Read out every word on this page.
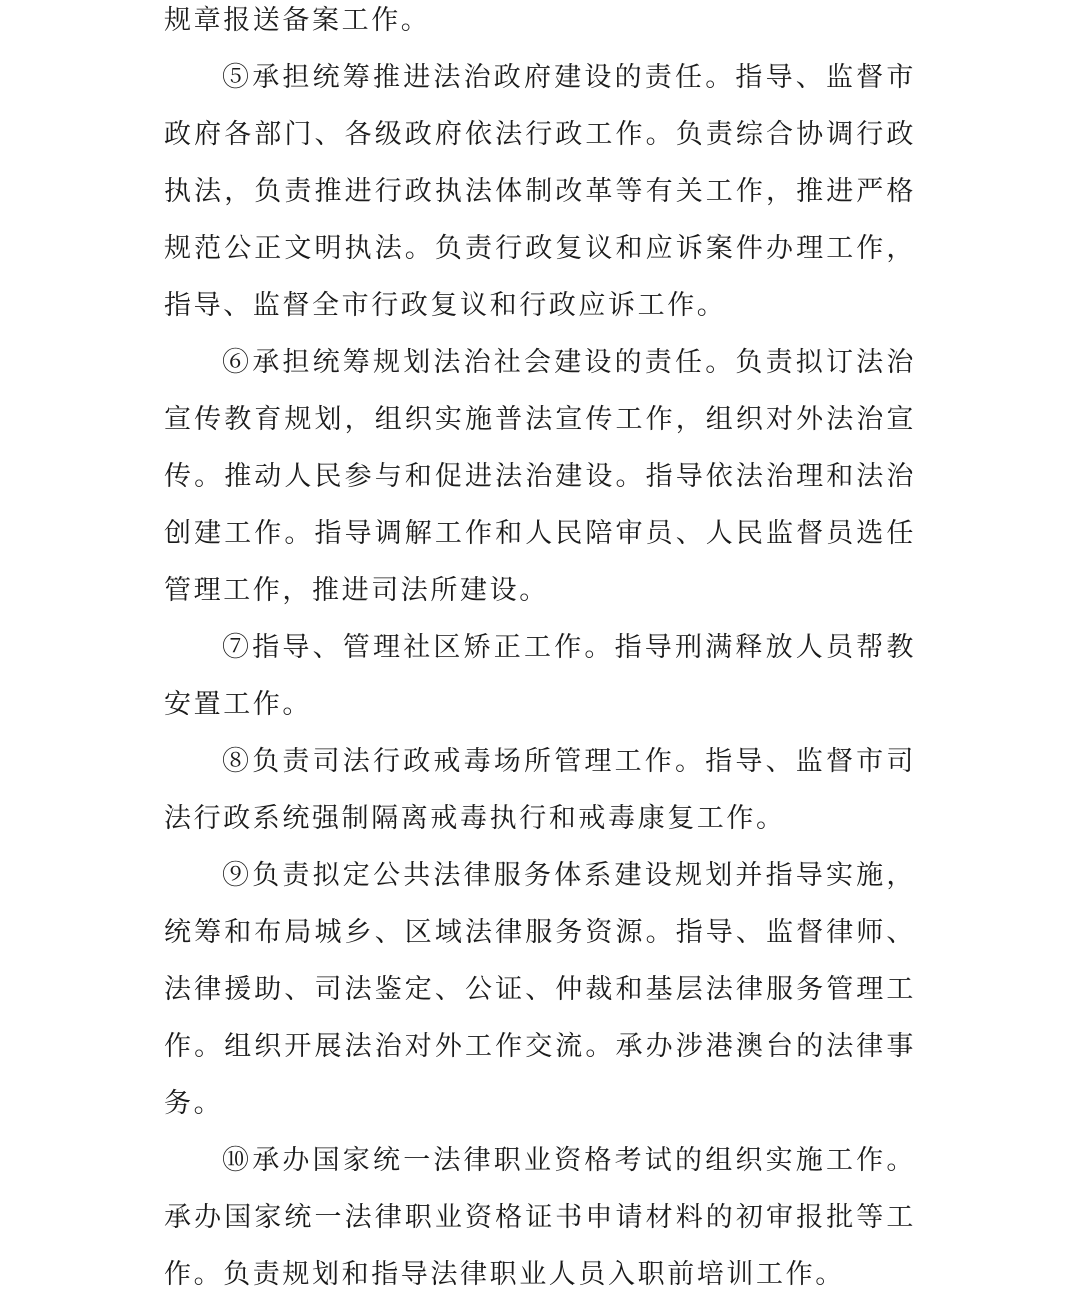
规章报送备案工作。

⑤承担统筹推进法治政府建设的责任。指导、监督市政府各部门、各级政府依法行政工作。负责综合协调行政执法，负责推进行政执法体制改革等有关工作，推进严格规范公正文明执法。负责行政复议和应诉案件办理工作，指导、监督全市行政复议和行政应诉工作。

⑥承担统筹规划法治社会建设的责任。负责拟订法治宣传教育规划，组织实施普法宣传工作，组织对外法治宣传。推动人民参与和促进法治建设。指导依法治理和法治创建工作。指导调解工作和人民陪审员、人民监督员选任管理工作，推进司法所建设。

⑦指导、管理社区矫正工作。指导刑满释放人员帮教安置工作。

⑧负责司法行政戒毒场所管理工作。指导、监督市司法行政系统强制隔离戒毒执行和戒毒康复工作。

⑨负责拟定公共法律服务体系建设规划并指导实施，统筹和布局城乡、区域法律服务资源。指导、监督律师、法律援助、司法鉴定、公证、仲裁和基层法律服务管理工作。组织开展法治对外工作交流。承办涉港澳台的法律事务。

⑩承办国家统一法律职业资格考试的组织实施工作。承办国家统一法律职业资格证书申请材料的初审报批等工作。负责规划和指导法律职业人员入职前培训工作。
